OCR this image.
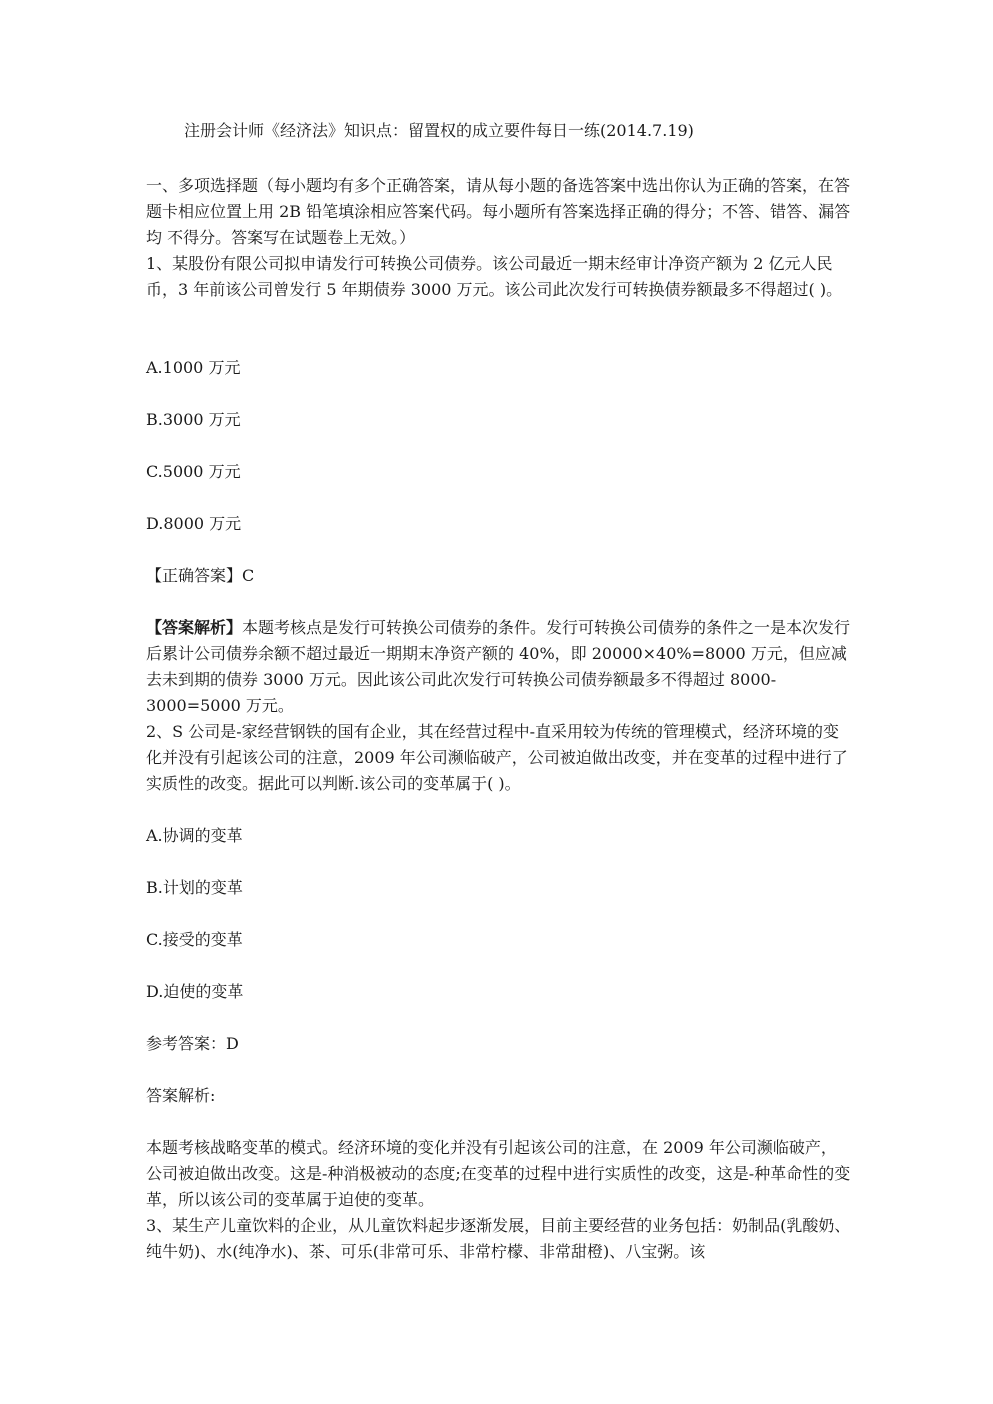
注册会计师《经济法》知识点：留置权的成立要件每日一练(2014.7.19)

一、多项选择题（每小题均有多个正确答案，请从每小题的备选答案中选出你认为正确的答案，在答题卡相应位置上用 2B 铅笔填涂相应答案代码。每小题所有答案选择正确的得分；不答、错答、漏答均 不得分。答案写在试题卷上无效。）

1、某股份有限公司拟申请发行可转换公司债券。该公司最近一期末经审计净资产额为 2 亿元人民币，3 年前该公司曾发行 5 年期债券 3000 万元。该公司此次发行可转换债券额最多不得超过( )。

A.1000 万元
B.3000 万元
C.5000 万元
D.8000 万元
【正确答案】C

【答案解析】本题考核点是发行可转换公司债券的条件。发行可转换公司债券的条件之一是本次发行后累计公司债券余额不超过最近一期期末净资产额的 40%，即 20000×40%=8000 万元，但应减去未到期的债券 3000 万元。因此该公司此次发行可转换公司债券额最多不得超过 8000-3000=5000 万元。

2、S 公司是-家经营钢铁的国有企业，其在经营过程中-直采用较为传统的管理模式，经济环境的变化并没有引起该公司的注意，2009 年公司濒临破产，公司被迫做出改变，并在变革的过程中进行了实质性的改变。据此可以判断.该公司的变革属于( )。

A.协调的变革
B.计划的变革
C.接受的变革
D.迫使的变革
参考答案：D
答案解析:

本题考核战略变革的模式。经济环境的变化并没有引起该公司的注意，在 2009 年公司濒临破产，公司被迫做出改变。这是-种消极被动的态度;在变革的过程中进行实质性的改变，这是-种革命性的变革，所以该公司的变革属于迫使的变革。

3、某生产儿童饮料的企业，从儿童饮料起步逐渐发展，目前主要经营的业务包括：奶制品(乳酸奶、纯牛奶)、水(纯净水)、茶、可乐(非常可乐、非常柠檬、非常甜橙)、八宝粥。该
